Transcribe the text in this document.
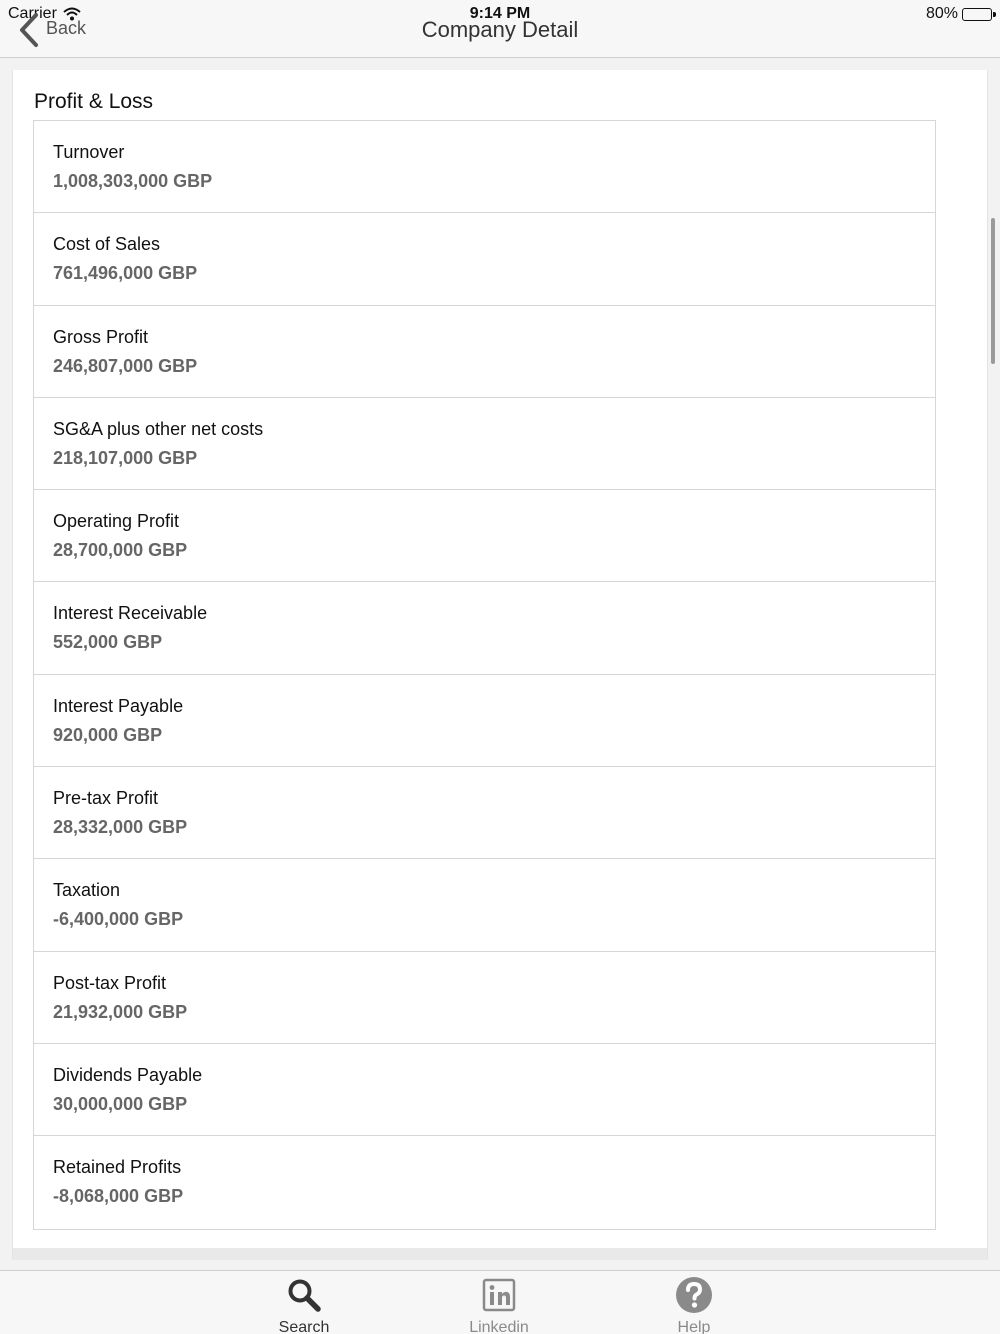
Carrier	9:14 PM	80%
Back	Company Detail
Profit & Loss
Turnover
1,008,303,000 GBP
Cost of Sales
761,496,000 GBP
Gross Profit
246,807,000 GBP
SG&A plus other net costs
218,107,000 GBP
Operating Profit
28,700,000 GBP
Interest Receivable
552,000 GBP
Interest Payable
920,000 GBP
Pre-tax Profit
28,332,000 GBP
Taxation
-6,400,000 GBP
Post-tax Profit
21,932,000 GBP
Dividends Payable
30,000,000 GBP
Retained Profits
-8,068,000 GBP
Search	Linkedin	Help
